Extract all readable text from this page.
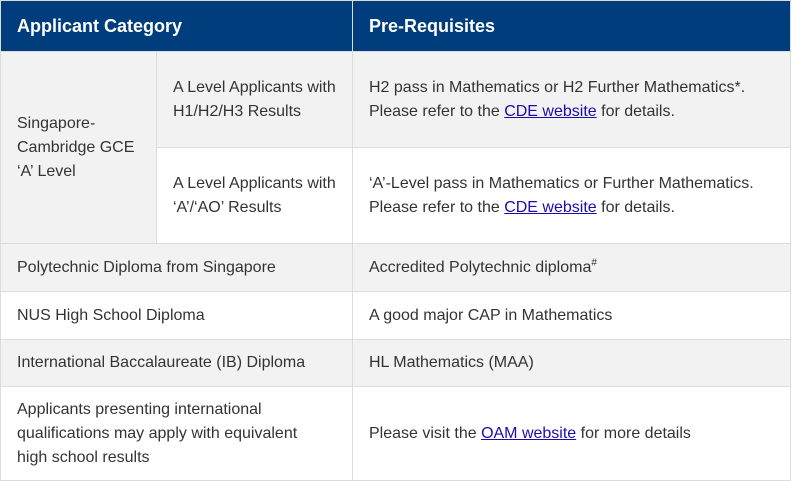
Applicant Category		Pre-Requisites
Singapore-Cambridge GCE ‘A’ Level	A Level Applicants with H1/H2/H3 Results	H2 pass in Mathematics or H2 Further Mathematics*. Please refer to the CDE website for details.
	A Level Applicants with ‘A’/‘AO’ Results	‘A’-Level pass in Mathematics or Further Mathematics. Please refer to the CDE website for details.
Polytechnic Diploma from Singapore		Accredited Polytechnic diploma#
NUS High School Diploma		A good major CAP in Mathematics
International Baccalaureate (IB) Diploma		HL Mathematics (MAA)
Applicants presenting international qualifications may apply with equivalent high school results		Please visit the OAM website for more details
